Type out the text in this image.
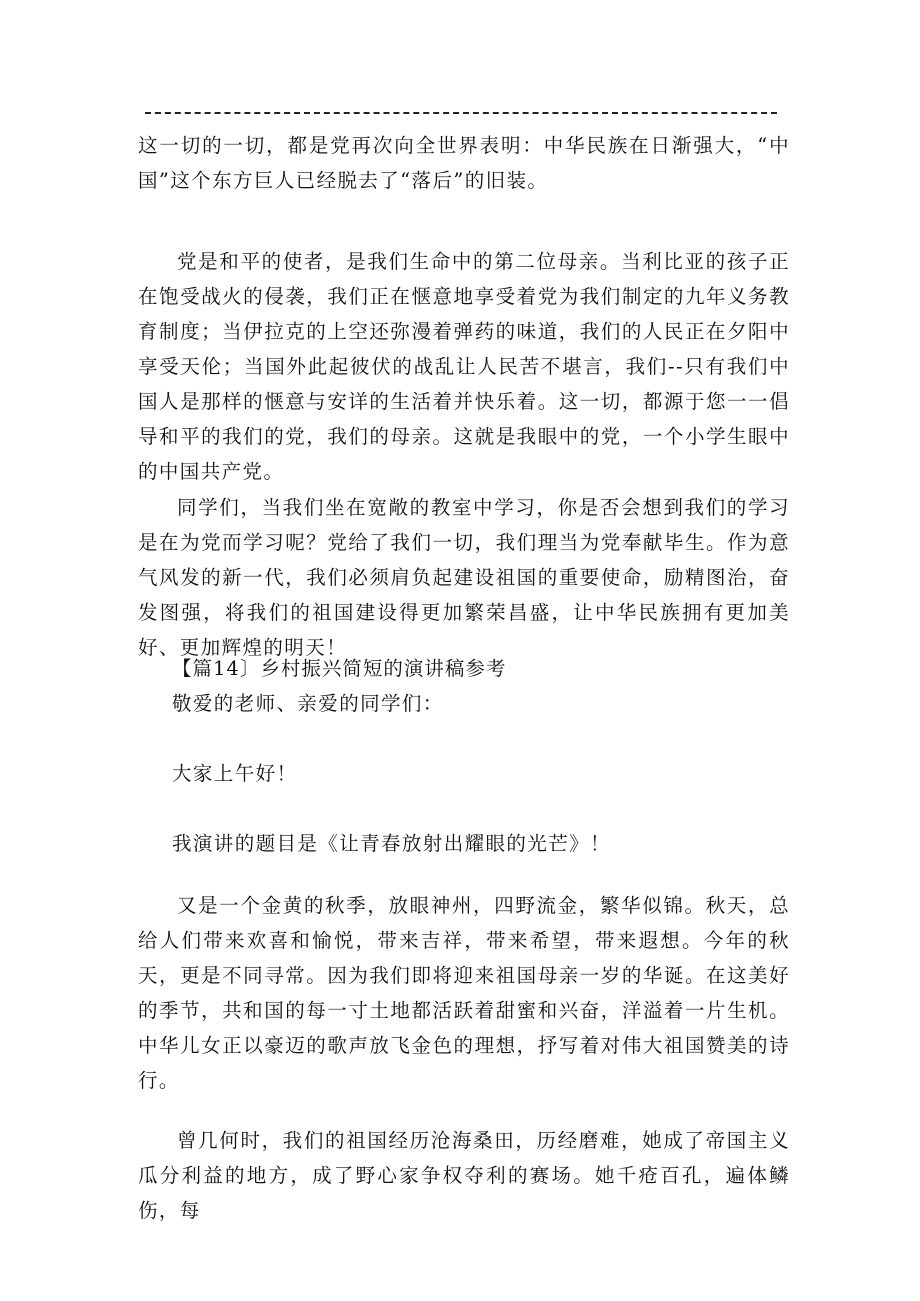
这一切的一切，都是党再次向全世界表明：中华民族在日渐强大，“中国”这个东方巨人已经脱去了“落后”的旧装。

党是和平的使者，是我们生命中的第二位母亲。当利比亚的孩子正在饱受战火的侵袭，我们正在惬意地享受着党为我们制定的九年义务教育制度；当伊拉克的上空还弥漫着弹药的味道，我们的人民正在夕阳中享受天伦；当国外此起彼伏的战乱让人民苦不堪言，我们--只有我们中国人是那样的惬意与安详的生活着并快乐着。这一切，都源于您一一倡导和平的我们的党，我们的母亲。这就是我眼中的党，一个小学生眼中的中国共产党。

同学们，当我们坐在宽敞的教室中学习，你是否会想到我们的学习是在为党而学习呢？党给了我们一切，我们理当为党奉献毕生。作为意气风发的新一代，我们必须肩负起建设祖国的重要使命，励精图治，奋发图强，将我们的祖国建设得更加繁荣昌盛，让中华民族拥有更加美好、更加辉煌的明天！

【篇14〕乡村振兴简短的演讲稿参考
敬爱的老师、亲爱的同学们：
大家上午好！
我演讲的题目是《让青春放射出耀眼的光芒》！

又是一个金黄的秋季，放眼神州，四野流金，繁华似锦。秋天，总给人们带来欢喜和愉悦，带来吉祥，带来希望，带来遐想。今年的秋天，更是不同寻常。因为我们即将迎来祖国母亲一岁的华诞。在这美好的季节，共和国的每一寸土地都活跃着甜蜜和兴奋，洋溢着一片生机。中华儿女正以豪迈的歌声放飞金色的理想，抒写着对伟大祖国赞美的诗行。

曾几何时，我们的祖国经历沧海桑田，历经磨难，她成了帝国主义瓜分利益的地方，成了野心家争权夺利的赛场。她千疮百孔，遍体鳞伤，每
